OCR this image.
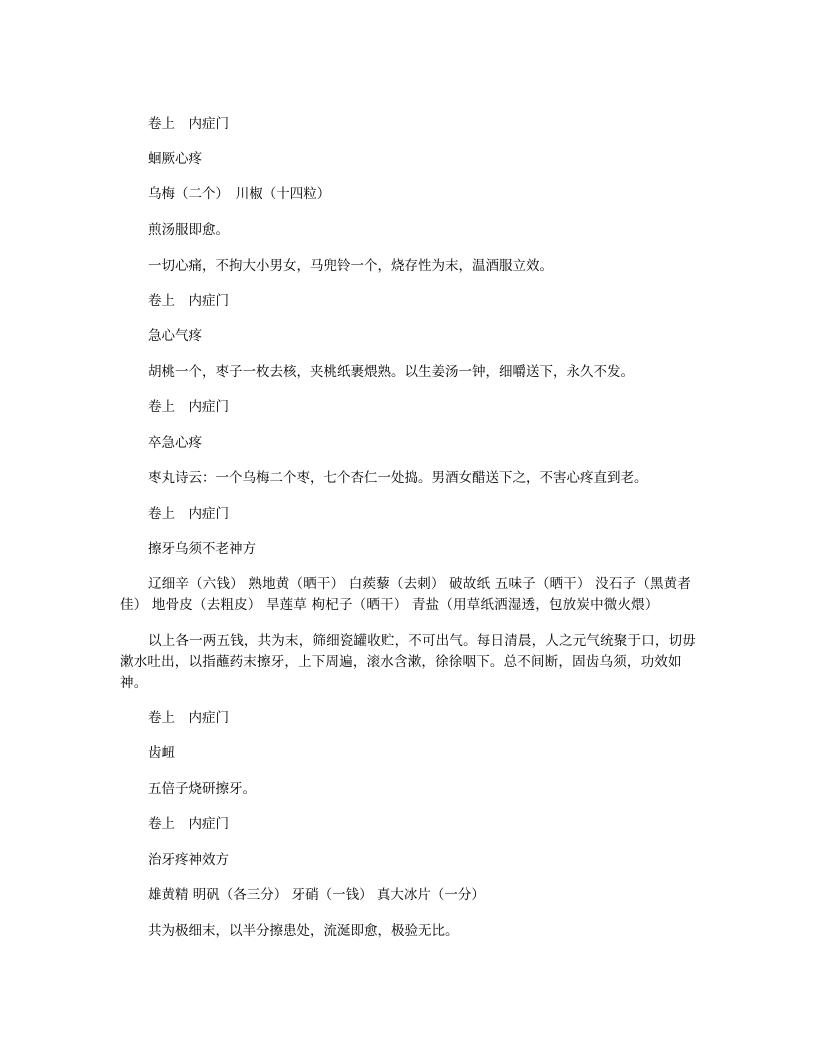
卷上　内症门

蛔厥心疼

乌梅（二个）　川椒（十四粒）

煎汤服即愈。

一切心痛，不拘大小男女，马兜铃一个，烧存性为末，温酒服立效。

卷上　内症门

急心气疼

胡桃一个，枣子一枚去核，夹桃纸裹煨熟。以生姜汤一钟，细嚼送下，永久不发。

卷上　内症门

卒急心疼

枣丸诗云：一个乌梅二个枣，七个杏仁一处捣。男酒女醋送下之，不害心疼直到老。

卷上　内症门

擦牙乌须不老神方

辽细辛（六钱） 熟地黄（晒干） 白蒺藜（去刺） 破故纸 五味子（晒干） 没石子（黑黄者佳） 地骨皮（去粗皮） 旱莲草 枸杞子（晒干） 青盐（用草纸洒湿透，包放炭中微火煨）

以上各一两五钱，共为末，筛细瓷罐收贮，不可出气。每日清晨，人之元气统聚于口，切毋漱水吐出，以指蘸药末擦牙，上下周遍，滚水含漱，徐徐咽下。总不间断，固齿乌须，功效如神。

卷上　内症门

齿衄

五倍子烧研擦牙。

卷上　内症门

治牙疼神效方

雄黄精 明矾（各三分） 牙硝（一钱） 真大冰片（一分）

共为极细末，以半分擦患处，流涎即愈，极验无比。
